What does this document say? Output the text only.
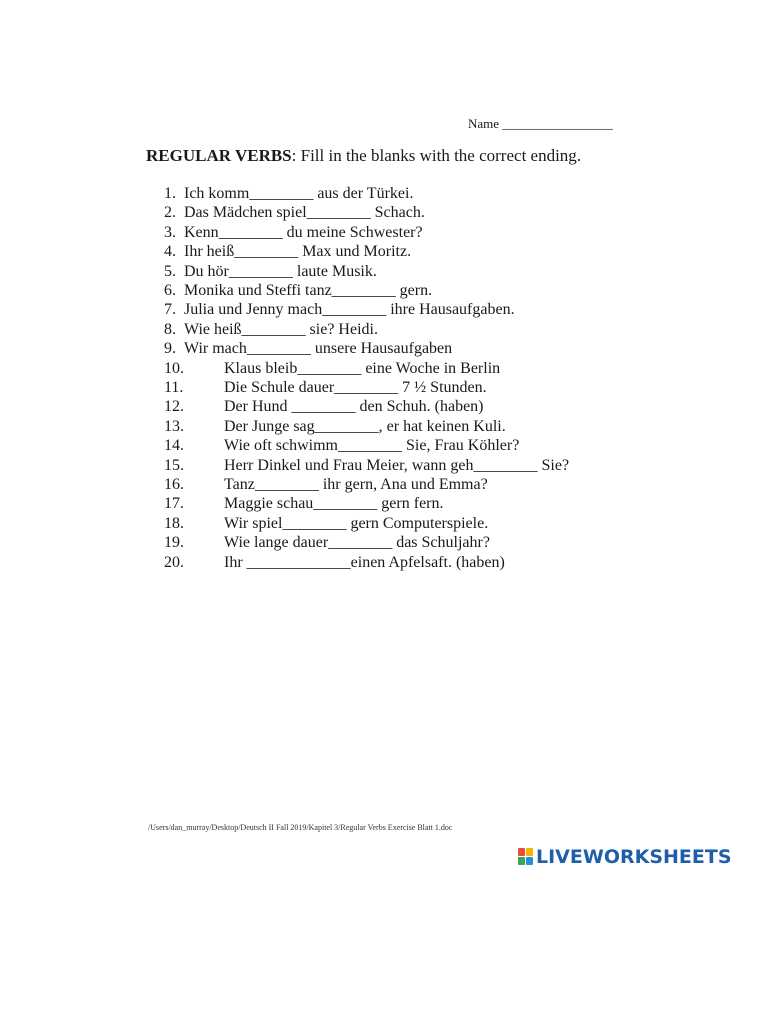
Name _________________
REGULAR VERBS: Fill in the blanks with the correct ending.
1. Ich komm________ aus der Türkei.
2. Das Mädchen spiel________ Schach.
3. Kenn________ du meine Schwester?
4. Ihr heiß________ Max und Moritz.
5. Du hör________ laute Musik.
6. Monika und Steffi tanz________ gern.
7. Julia und Jenny mach________ ihre Hausaufgaben.
8. Wie heiß________ sie? Heidi.
9. Wir mach________ unsere Hausaufgaben
10.	Klaus bleib________ eine Woche in Berlin
11.	Die Schule dauer________ 7 ½ Stunden.
12.	Der Hund ________ den Schuh. (haben)
13.	Der Junge sag________, er hat keinen Kuli.
14.	Wie oft schwimm________ Sie, Frau Köhler?
15.	Herr Dinkel und Frau Meier, wann geh________ Sie?
16.	Tanz________ ihr gern, Ana und Emma?
17.	Maggie schau________ gern fern.
18.	Wir spiel________ gern Computerspiele.
19.	Wie lange dauer________ das Schuljahr?
20.	Ihr _____________einen Apfelsaft. (haben)
/Users/dan_murray/Desktop/Deutsch II Fall 2019/Kapitel 3/Regular Verbs Exercise Blatt 1.doc
LIVEWORKSHEETS
